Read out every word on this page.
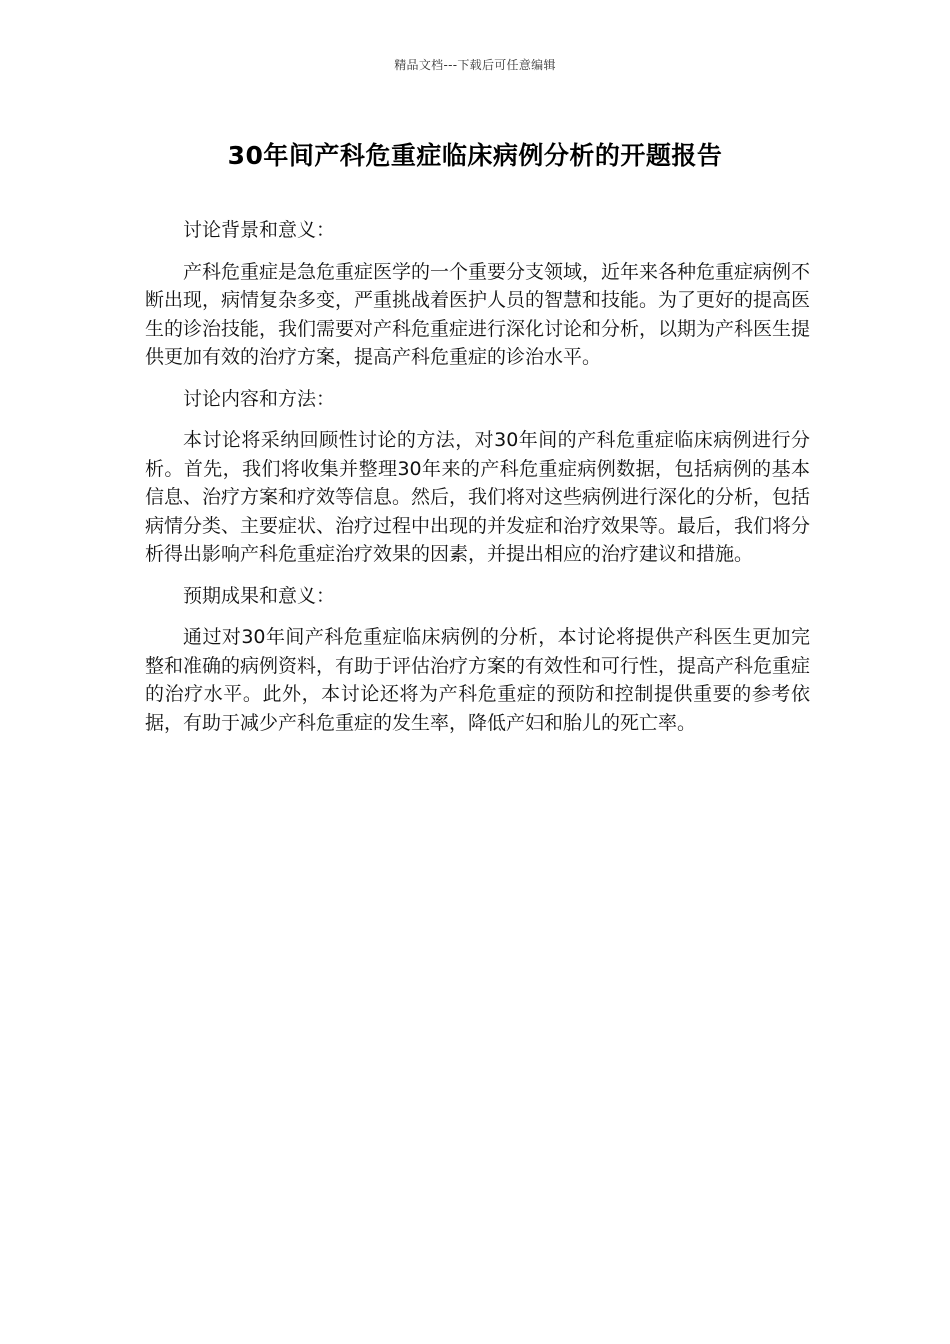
精品文档---下载后可任意编辑
30年间产科危重症临床病例分析的开题报告

讨论背景和意义：

产科危重症是急危重症医学的一个重要分支领域，近年来各种危重症病例不断出现，病情复杂多变，严重挑战着医护人员的智慧和技能。为了更好的提高医生的诊治技能，我们需要对产科危重症进行深化讨论和分析，以期为产科医生提供更加有效的治疗方案，提高产科危重症的诊治水平。

讨论内容和方法：

本讨论将采纳回顾性讨论的方法，对30年间的产科危重症临床病例进行分析。首先，我们将收集并整理30年来的产科危重症病例数据，包括病例的基本信息、治疗方案和疗效等信息。然后，我们将对这些病例进行深化的分析，包括病情分类、主要症状、治疗过程中出现的并发症和治疗效果等。最后，我们将分析得出影响产科危重症治疗效果的因素，并提出相应的治疗建议和措施。

预期成果和意义：

通过对30年间产科危重症临床病例的分析，本讨论将提供产科医生更加完整和准确的病例资料，有助于评估治疗方案的有效性和可行性，提高产科危重症的治疗水平。此外，本讨论还将为产科危重症的预防和控制提供重要的参考依据，有助于减少产科危重症的发生率，降低产妇和胎儿的死亡率。
